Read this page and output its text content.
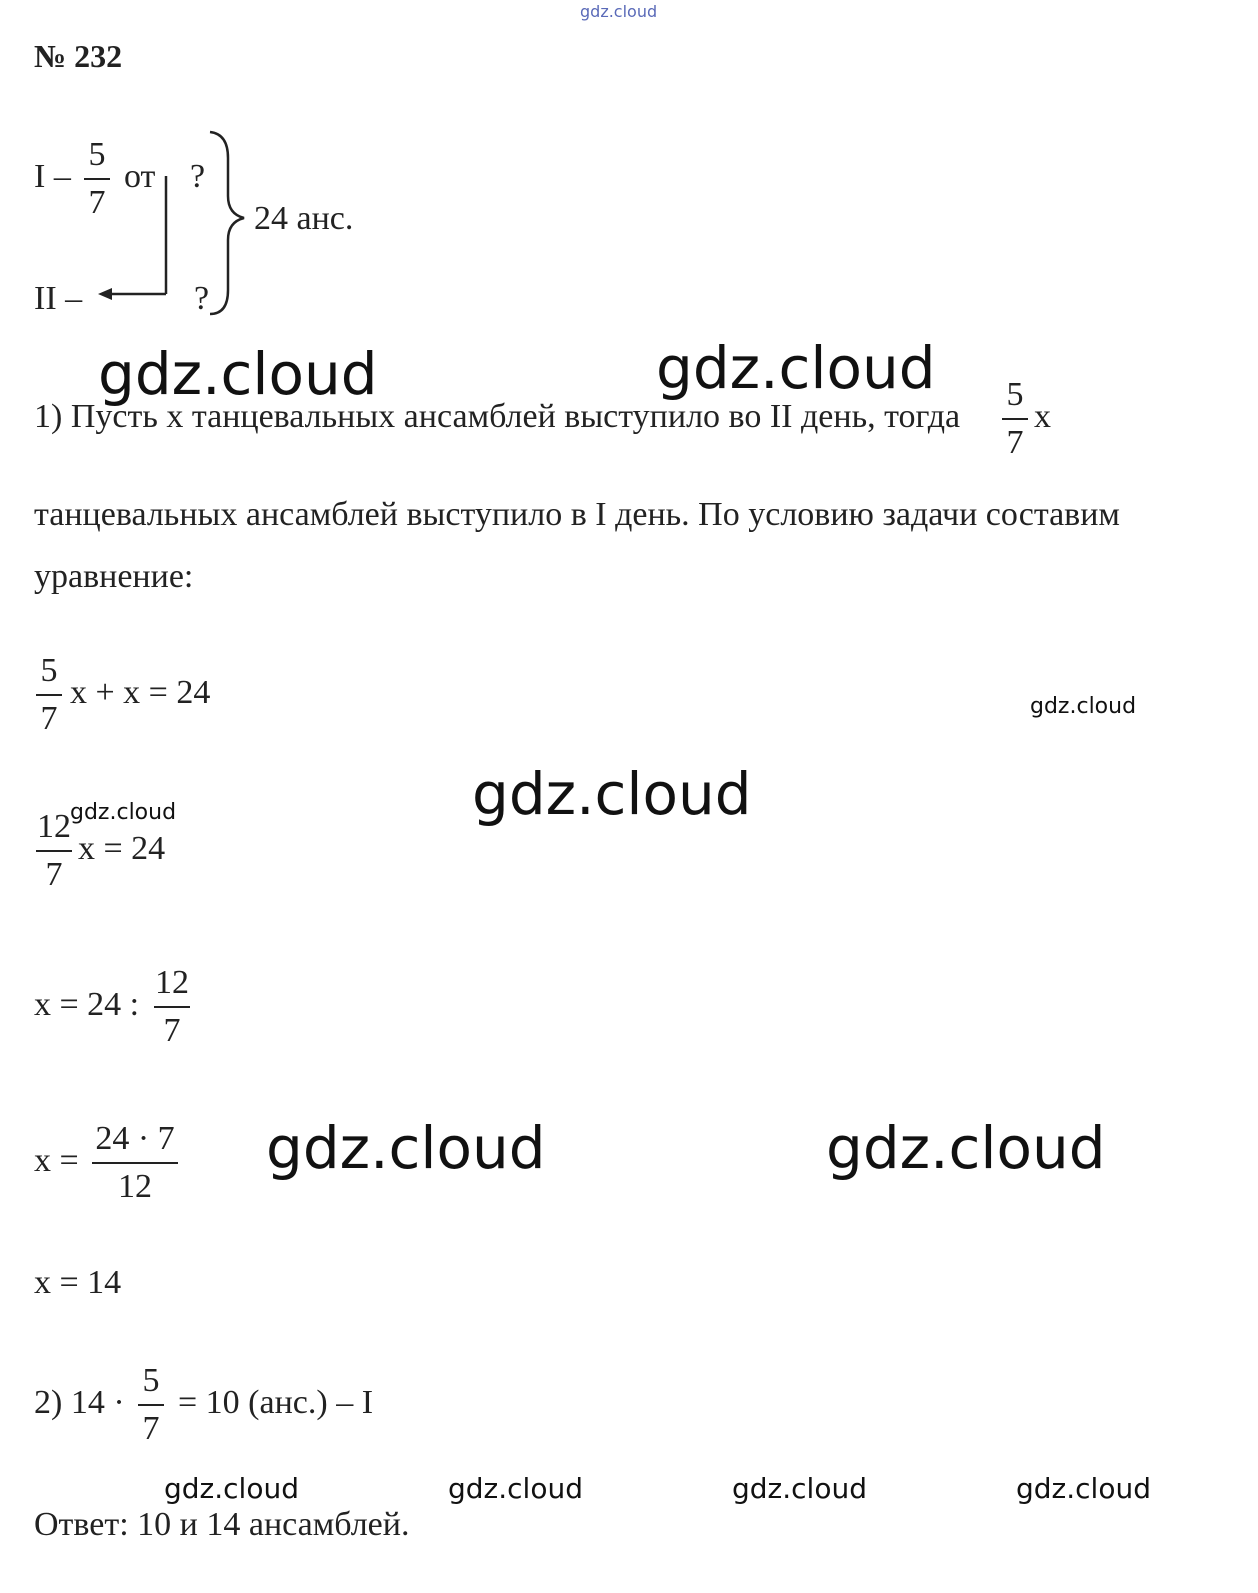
gdz.cloud
№ 232
I –
5
7
от ?
II –	?
24 анс.
gdz.cloud	gdz.cloud
1) Пусть х танцевальных ансамблей выступило во II день, тогда
5
7
х
танцевальных ансамблей выступило в I день. По условию задачи составим
уравнение:
5
7
x + x = 24	gdz.cloud
gdz.cloud
12
7
x = 24
gdz.cloud
x = 24 :
12
7
x =
24 · 7
12
gdz.cloud	gdz.cloud
x = 14
2) 14 ·
5
7
= 10 (анс.) – I
gdz.cloud	gdz.cloud	gdz.cloud	gdz.cloud
Ответ: 10 и 14 ансамблей.
